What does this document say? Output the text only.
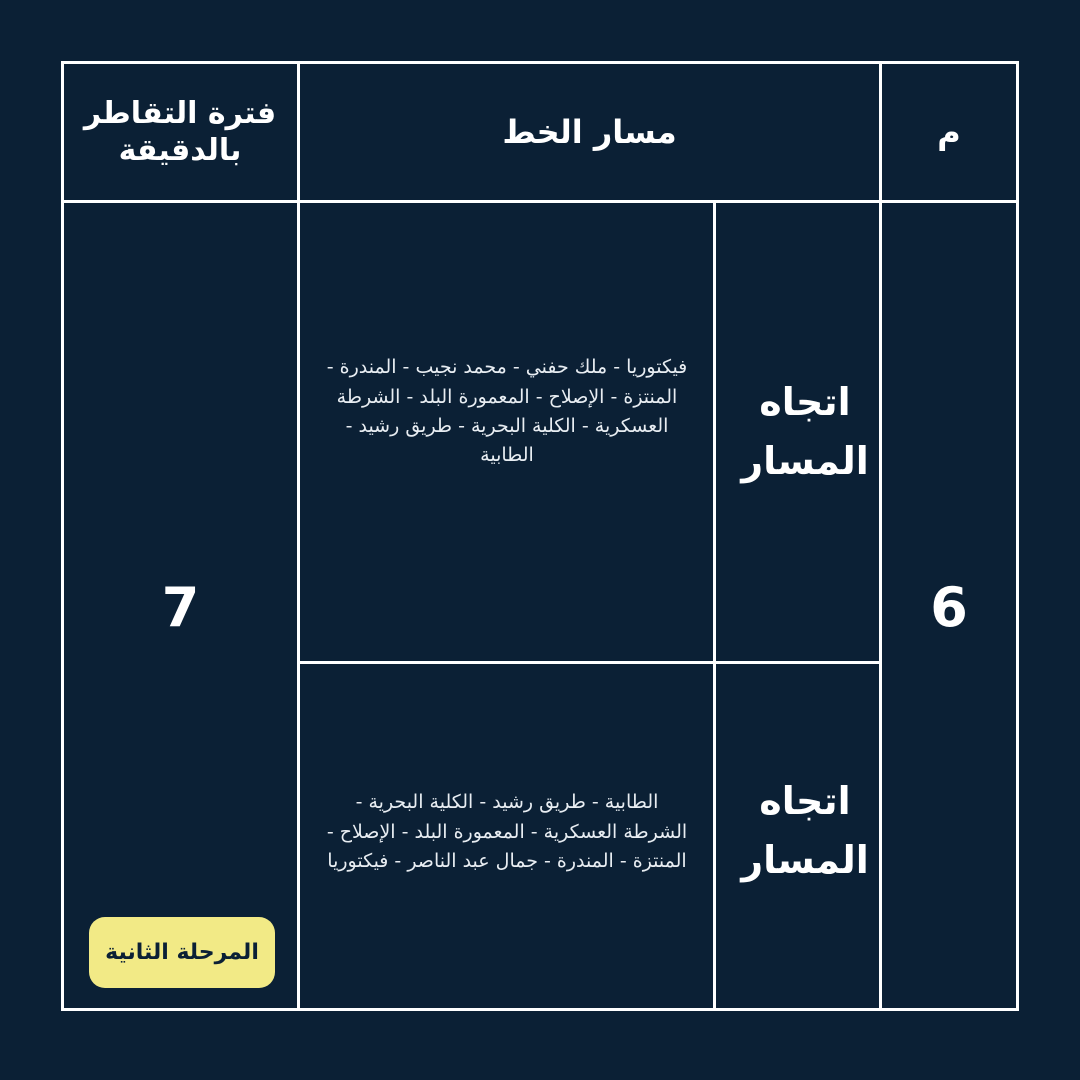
م
مسار الخط
فترة التقاطر بالدقيقة
6
7
اتجاه المسار
فيكتوريا - ملك حفني - محمد نجيب - المندرة - المنتزة - الإصلاح - المعمورة البلد - الشرطة العسكرية - الكلية البحرية - طريق رشيد - الطابية
اتجاه المسار
الطابية - طريق رشيد - الكلية البحرية - الشرطة العسكرية - المعمورة البلد - الإصلاح - المنتزة - المندرة - جمال عبد الناصر - فيكتوريا
المرحلة الثانية
